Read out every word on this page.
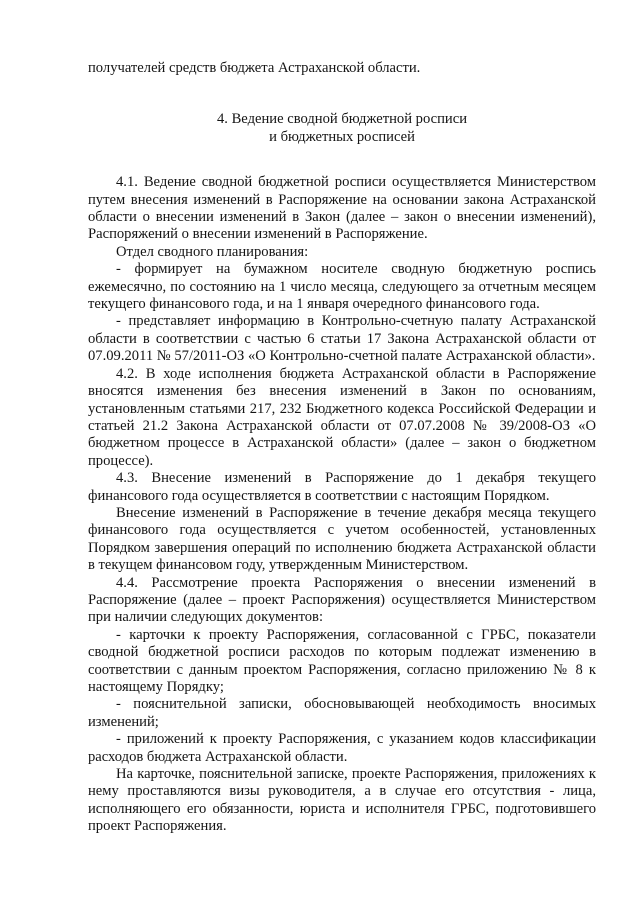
получателей средств бюджета Астраханской области.

4. Ведение сводной бюджетной росписи
и бюджетных росписей

4.1. Ведение сводной бюджетной росписи осуществляется Министерством путем внесения изменений в Распоряжение на основании закона Астраханской области о внесении изменений в Закон (далее – закон о внесении изменений), Распоряжений о внесении изменений в Распоряжение.

Отдел сводного планирования:

- формирует на бумажном носителе сводную бюджетную роспись ежемесячно, по состоянию на 1 число месяца, следующего за отчетным месяцем текущего финансового года, и на 1 января очередного финансового года.

- представляет информацию в Контрольно-счетную палату Астраханской области в соответствии с частью 6 статьи 17 Закона Астраханской области от 07.09.2011 № 57/2011-ОЗ «О Контрольно-счетной палате Астраханской области».

4.2. В ходе исполнения бюджета Астраханской области в Распоряжение вносятся изменения без внесения изменений в Закон по основаниям, установленным статьями 217, 232 Бюджетного кодекса Российской Федерации и статьей 21.2 Закона Астраханской области от 07.07.2008 № 39/2008-ОЗ «О бюджетном процессе в Астраханской области» (далее – закон о бюджетном процессе).

4.3. Внесение изменений в Распоряжение до 1 декабря текущего финансового года осуществляется в соответствии с настоящим Порядком.

Внесение изменений в Распоряжение в течение декабря месяца текущего финансового года осуществляется с учетом особенностей, установленных Порядком завершения операций по исполнению бюджета Астраханской области в текущем финансовом году, утвержденным Министерством.

4.4. Рассмотрение проекта Распоряжения о внесении изменений в Распоряжение (далее – проект Распоряжения) осуществляется Министерством при наличии следующих документов:

- карточки к проекту Распоряжения, согласованной с ГРБС, показатели сводной бюджетной росписи расходов по которым подлежат изменению в соответствии с данным проектом Распоряжения, согласно приложению № 8 к настоящему Порядку;

- пояснительной записки, обосновывающей необходимость вносимых изменений;

- приложений к проекту Распоряжения, с указанием кодов классификации расходов бюджета Астраханской области.

На карточке, пояснительной записке, проекте Распоряжения, приложениях к нему проставляются визы руководителя, а в случае его отсутствия - лица, исполняющего его обязанности, юриста и исполнителя ГРБС, подготовившего проект Распоряжения.
